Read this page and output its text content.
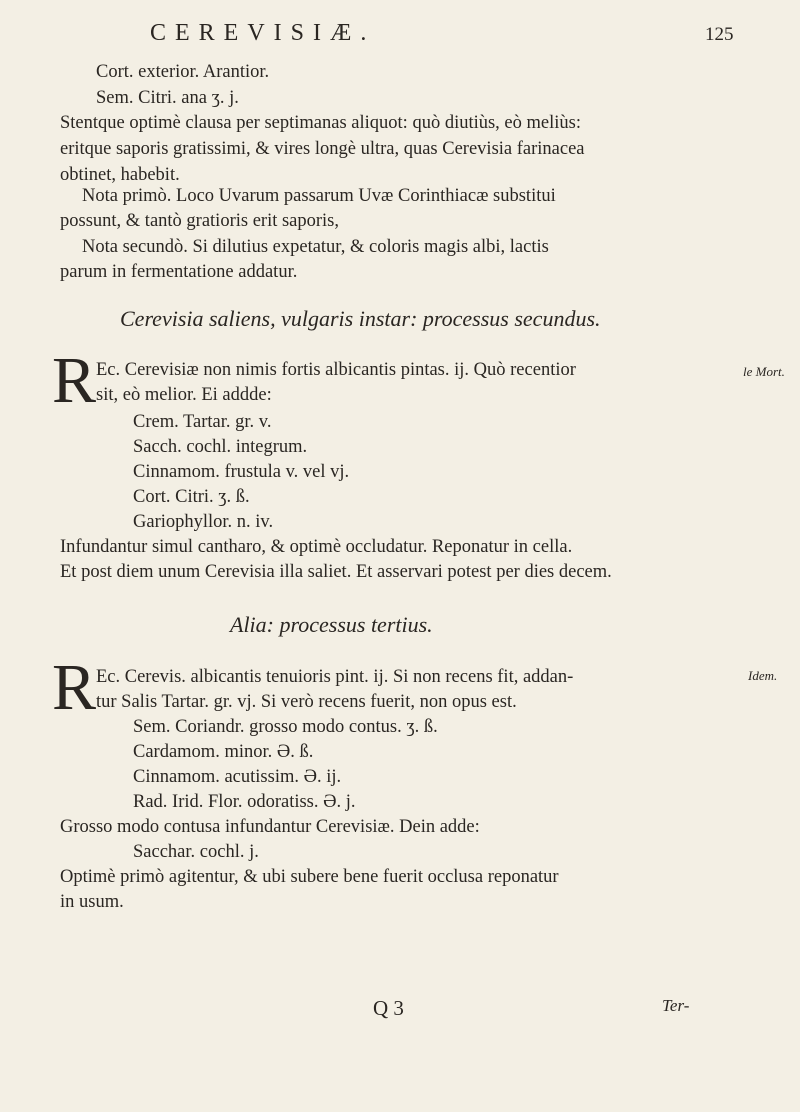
CEREVISIÆ.	125
Cort. exterior. Arantior.
Sem. Citri. ana ʒ. j.
Stentque optimè clausa per septimanas aliquot: quò diutiùs, eò meliùs:
eritque saporis gratissimi, & vires longè ultra, quas Cerevisia farinacea
obtinet, habebit.
Nota primò. Loco Uvarum passarum Uvæ Corinthiacæ substitui
possunt, & tantò gratioris erit saporis,
Nota secundò. Si dilutius expetatur, & coloris magis albi, lactis
parum in fermentatione addatur.
Cerevisia saliens, vulgaris instar: processus secundus.
R Ec. Cerevisiæ non nimis fortis albicantis pintas. ij. Quò recentior
sit, eò melior. Ei addde:
le Mort.
Crem. Tartar. gr. v.
Sacch. cochl. integrum.
Cinnamom. frustula v. vel vj.
Cort. Citri. ʒ. ß.
Gariophyllor. n. iv.
Infundantur simul cantharo, & optimè occludatur. Reponatur in cella.
Et post diem unum Cerevisia illa saliet. Et asservari potest per dies decem.
Alia: processus tertius.
R Ec. Cerevis. albicantis tenuioris pint. ij. Si non recens fit, addan-
tur Salis Tartar. gr. vj. Si verò recens fuerit, non opus est.
Idem.
Sem. Coriandr. grosso modo contus. ʒ. ß.
Cardamom. minor. Ə. ß.
Cinnamom. acutissim. Ə. ij.
Rad. Irid. Flor. odoratiss. Ə. j.
Grosso modo contusa infundantur Cerevisiæ. Dein adde:
Sacchar. cochl. j.
Optimè primò agitentur, & ubi subere bene fuerit occlusa reponatur
in usum.
Q 3	Ter-
